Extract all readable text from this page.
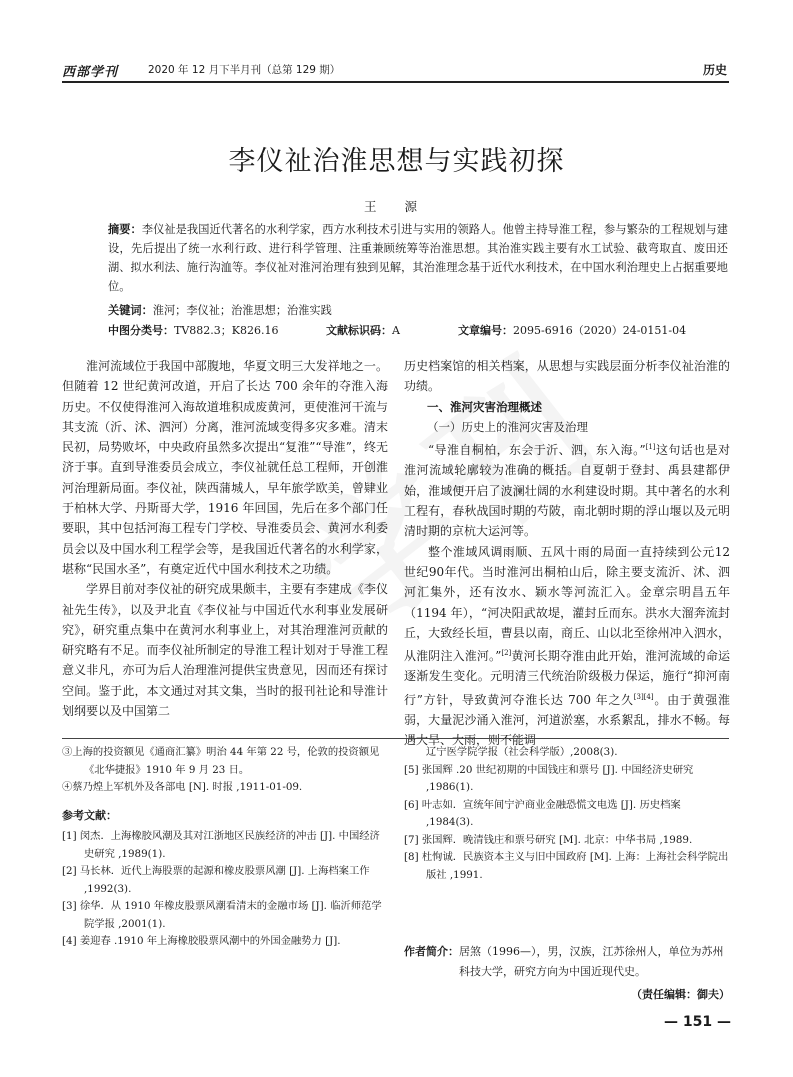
西部学刊	2020 年 12 月下半月刊（总第 129 期）	历史
李仪祉治淮思想与实践初探
王 源
摘要：李仪祉是我国近代著名的水利学家，西方水利技术引进与实用的领路人。他曾主持导淮工程，参与繁杂的工程规划与建设，先后提出了统一水利行政、进行科学管理、注重兼顾统筹等治淮思想。其治淮实践主要有水工试验、截弯取直、废田还湖、拟水利法、施行沟洫等。李仪祉对淮河治理有独到见解，其治淮理念基于近代水利技术，在中国水利治理史上占据重要地位。
关键词：淮河；李仪祉；治淮思想；治淮实践
中图分类号：TV882.3；K826.16	文献标识码：A	文章编号：2095-6916（2020）24-0151-04

淮河流域位于我国中部腹地，华夏文明三大发祥地之一。但随着 12 世纪黄河改道，开启了长达 700 余年的夺淮入海历史。不仅使得淮河入海故道堆积成废黄河，更使淮河干流与其支流（沂、沭、泗河）分离，淮河流域变得多灾多难。清末民初，局势败坏，中央政府虽然多次提出“复淮”“导淮”，终无济于事。直到导淮委员会成立，李仪祉就任总工程师，开创淮河治理新局面。李仪祉，陕西蒲城人，早年旅学欧美，曾肄业于柏林大学、丹斯哥大学，1916 年回国，先后在多个部门任要职，其中包括河海工程专门学校、导淮委员会、黄河水利委员会以及中国水利工程学会等，是我国近代著名的水利学家，堪称“民国水圣”，有奠定近代中国水利技术之功绩。

学界目前对李仪祉的研究成果颇丰，主要有李建成《李仪祉先生传》，以及尹北直《李仪祉与中国近代水利事业发展研究》，研究重点集中在黄河水利事业上，对其治理淮河贡献的研究略有不足。而李仪祉所制定的导淮工程计划对于导淮工程意义非凡，亦可为后人治理淮河提供宝贵意见，因而还有探讨空间。鉴于此，本文通过对其文集，当时的报刊社论和导淮计划纲要以及中国第二

历史档案馆的相关档案，从思想与实践层面分析李仪祉治淮的功绩。

一、淮河灾害治理概述

（一）历史上的淮河灾害及治理

“导淮自桐柏，东会于沂、泗，东入海。”[1]这句话也是对淮河流域轮廓较为准确的概括。自夏朝于登封、禹县建都伊始，淮域便开启了波澜壮阔的水利建设时期。其中著名的水利工程有，春秋战国时期的芍陂，南北朝时期的浮山堰以及元明清时期的京杭大运河等。

整个淮域风调雨顺、五风十雨的局面一直持续到公元12世纪90年代。当时淮河出桐柏山后，除主要支流沂、沭、泗河汇集外，还有汝水、颖水等河流汇入。金章宗明昌五年（1194 年），“河决阳武故堤，灌封丘而东。洪水大溜奔流封丘，大致经长垣，曹县以南，商丘、山以北至徐州冲入泗水，从淮阴注入淮河。”[2]黄河长期夺淮由此开始，淮河流域的命运逐渐发生变化。元明清三代统治阶级极力保运，施行“抑河南行”方针，导致黄河夺淮长达 700 年之久[3][4]。由于黄强淮弱，大量泥沙涌入淮河，河道淤塞，水系絮乱，排水不畅。每遇大旱、大雨，则不能调

③上海的投资额见《通商汇纂》明治 44 年第 22 号，伦敦的投资额见《北华捷报》1910 年 9 月 23 日。
④蔡乃煌上军机外及各部电 [N]. 时报 ,1911-01-09.
参考文献：
[1] 闵杰．上海橡胶风潮及其对江浙地区民族经济的冲击 [J]. 中国经济史研究 ,1989(1).
[2] 马长林．近代上海股票的起源和橡皮股票风潮 [J]. 上海档案工作 ,1992(3).
[3] 徐华．从 1910 年橡皮股票风潮看清末的金融市场 [J]. 临沂师范学院学报 ,2001(1).
[4] 姜迎春 .1910 年上海橡胶股票风潮中的外国金融势力 [J].
辽宁医学院学报（社会科学版）,2008(3).
[5] 张国辉 .20 世纪初期的中国钱庄和票号 [J]. 中国经济史研究 ,1986(1).
[6] 叶志如．宣统年间宁沪商业金融恐慌文电选 [J]. 历史档案 ,1984(3).
[7] 张国辉．晚清钱庄和票号研究 [M]. 北京：中华书局 ,1989.
[8] 杜恂诚．民族资本主义与旧中国政府 [M]. 上海：上海社会科学院出版社 ,1991.
作者简介：居煞（1996—），男，汉族，江苏徐州人，单位为苏州科技大学，研究方向为中国近现代史。
（责任编辑：御夫）
— 151 —
